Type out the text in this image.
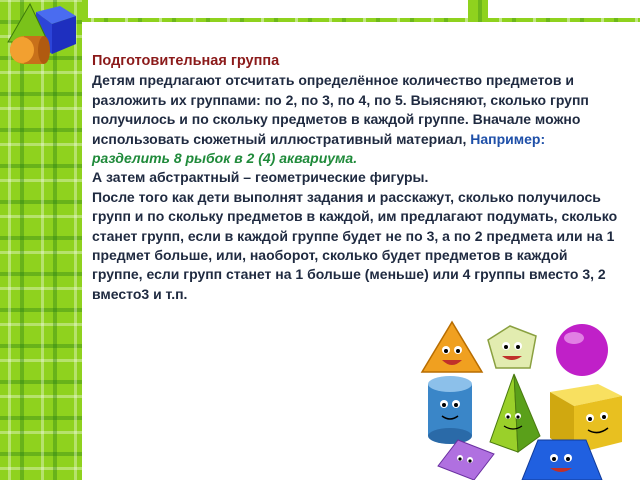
Подготовительная группа

Детям предлагают отсчитать определённое количество предметов и разложить их группами: по 2, по 3, по 4, по 5. Выясняют, сколько групп получилось и по скольку предметов в каждой группе. Вначале можно использовать сюжетный иллюстративный материал, Например: разделить 8 рыбок в 2 (4) аквариума.

А затем абстрактный – геометрические фигуры.

После того как дети выполнят задания и расскажут, сколько получилось групп и по скольку предметов в каждой, им предлагают подумать, сколько станет групп, если в каждой группе будет не по 3, а по 2 предмета или на 1 предмет больше, или, наоборот, сколько будет предметов в каждой группе, если групп станет на 1 больше (меньше) или 4 группы вместо 3, 2 вместо3 и т.п.
